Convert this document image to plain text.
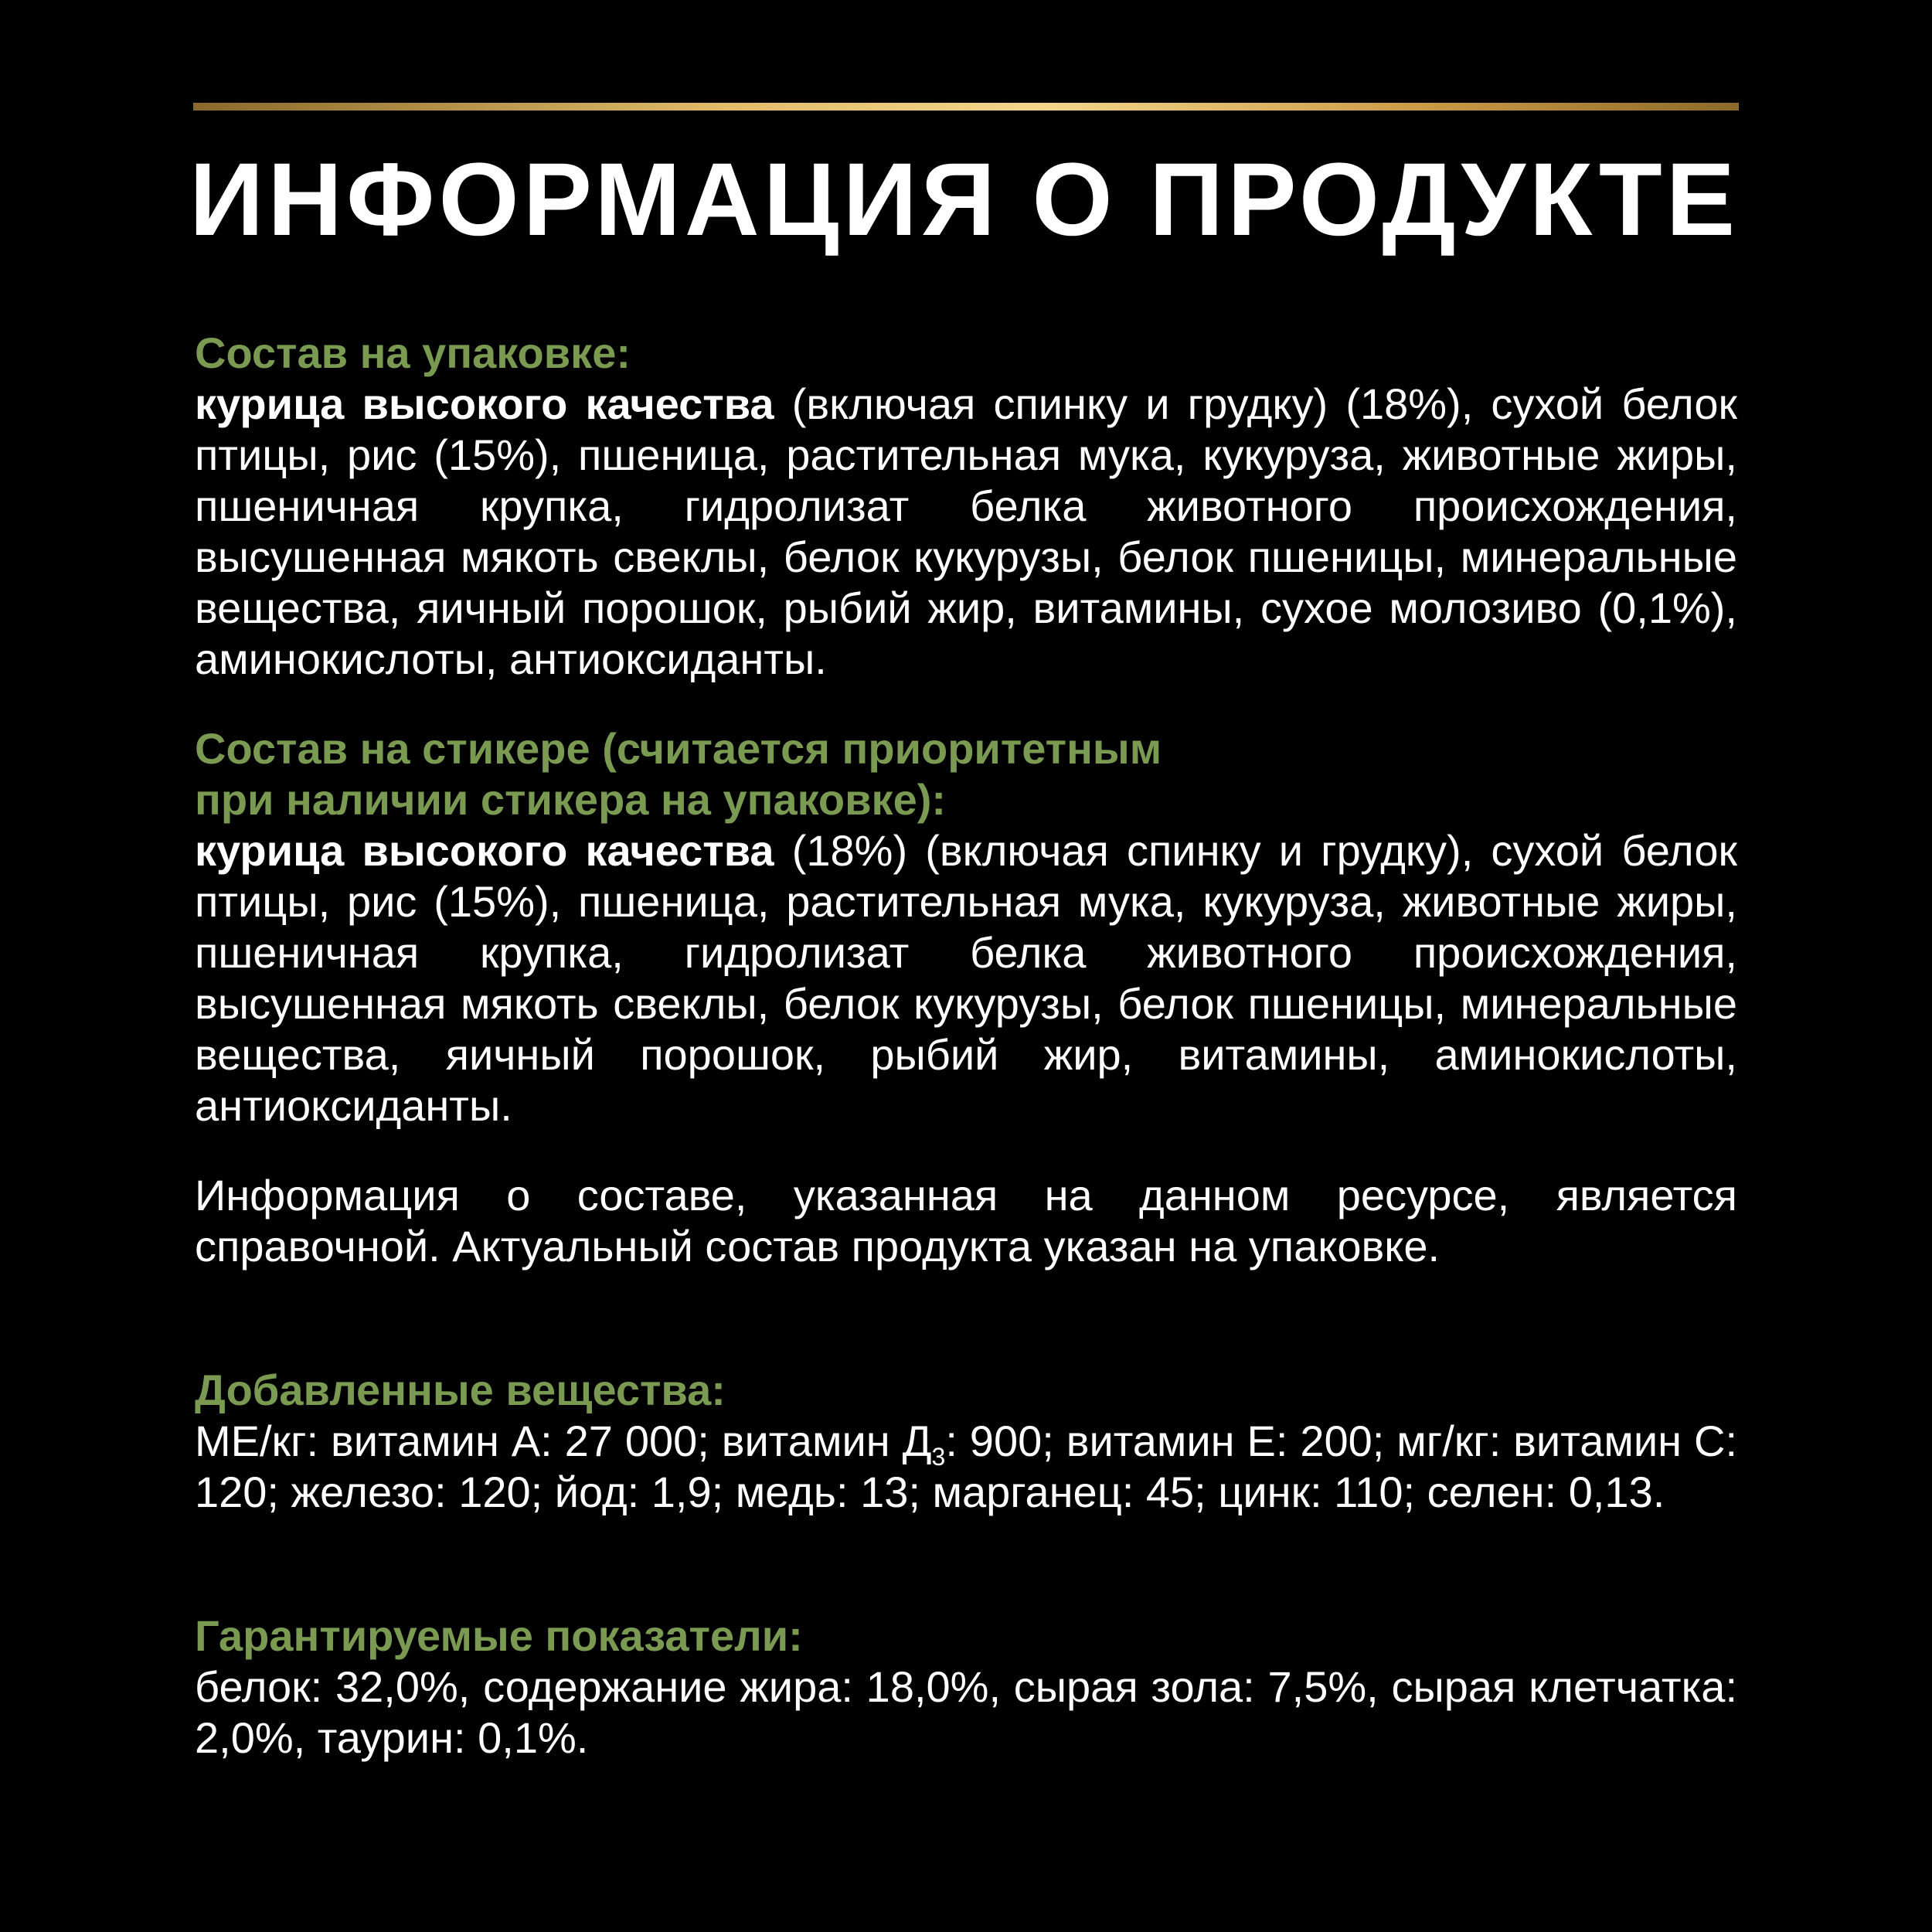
ИНФОРМАЦИЯ О ПРОДУКТЕ
Состав на упаковке:

курица высокого качества (включая спинку и грудку) (18%), сухой белок птицы, рис (15%), пшеница, растительная мука, кукуруза, животные жиры, пшеничная крупка, гидролизат белка животного происхождения, высушенная мякоть свеклы, белок кукурузы, белок пшеницы, минеральные вещества, яичный порошок, рыбий жир, витамины, сухое молозиво (0,1%), аминокислоты, антиоксиданты.

Состав на стикере (считается приоритетным
при наличии стикера на упаковке):

курица высокого качества (18%) (включая спинку и грудку), сухой белок птицы, рис (15%), пшеница, растительная мука, кукуруза, животные жиры, пшеничная крупка, гидролизат белка животного происхождения, высушенная мякоть свеклы, белок кукурузы, белок пшеницы, минеральные вещества, яичный порошок, рыбий жир, витамины, аминокислоты, антиоксиданты.

Информация о составе, указанная на данном ресурсе, является справочной. Актуальный состав продукта указан на упаковке.

Добавленные вещества:

МЕ/кг: витамин А: 27 000; витамин $Д_3$: 900; витамин Е: 200; мг/кг: витамин С: 120; железо: 120; йод: 1,9; медь: 13; марганец: 45; цинк: 110; селен: 0,13.

Гарантируемые показатели:

белок: 32,0%, содержание жира: 18,0%, сырая зола: 7,5%, сырая клетчатка: 2,0%, таурин: 0,1%.
